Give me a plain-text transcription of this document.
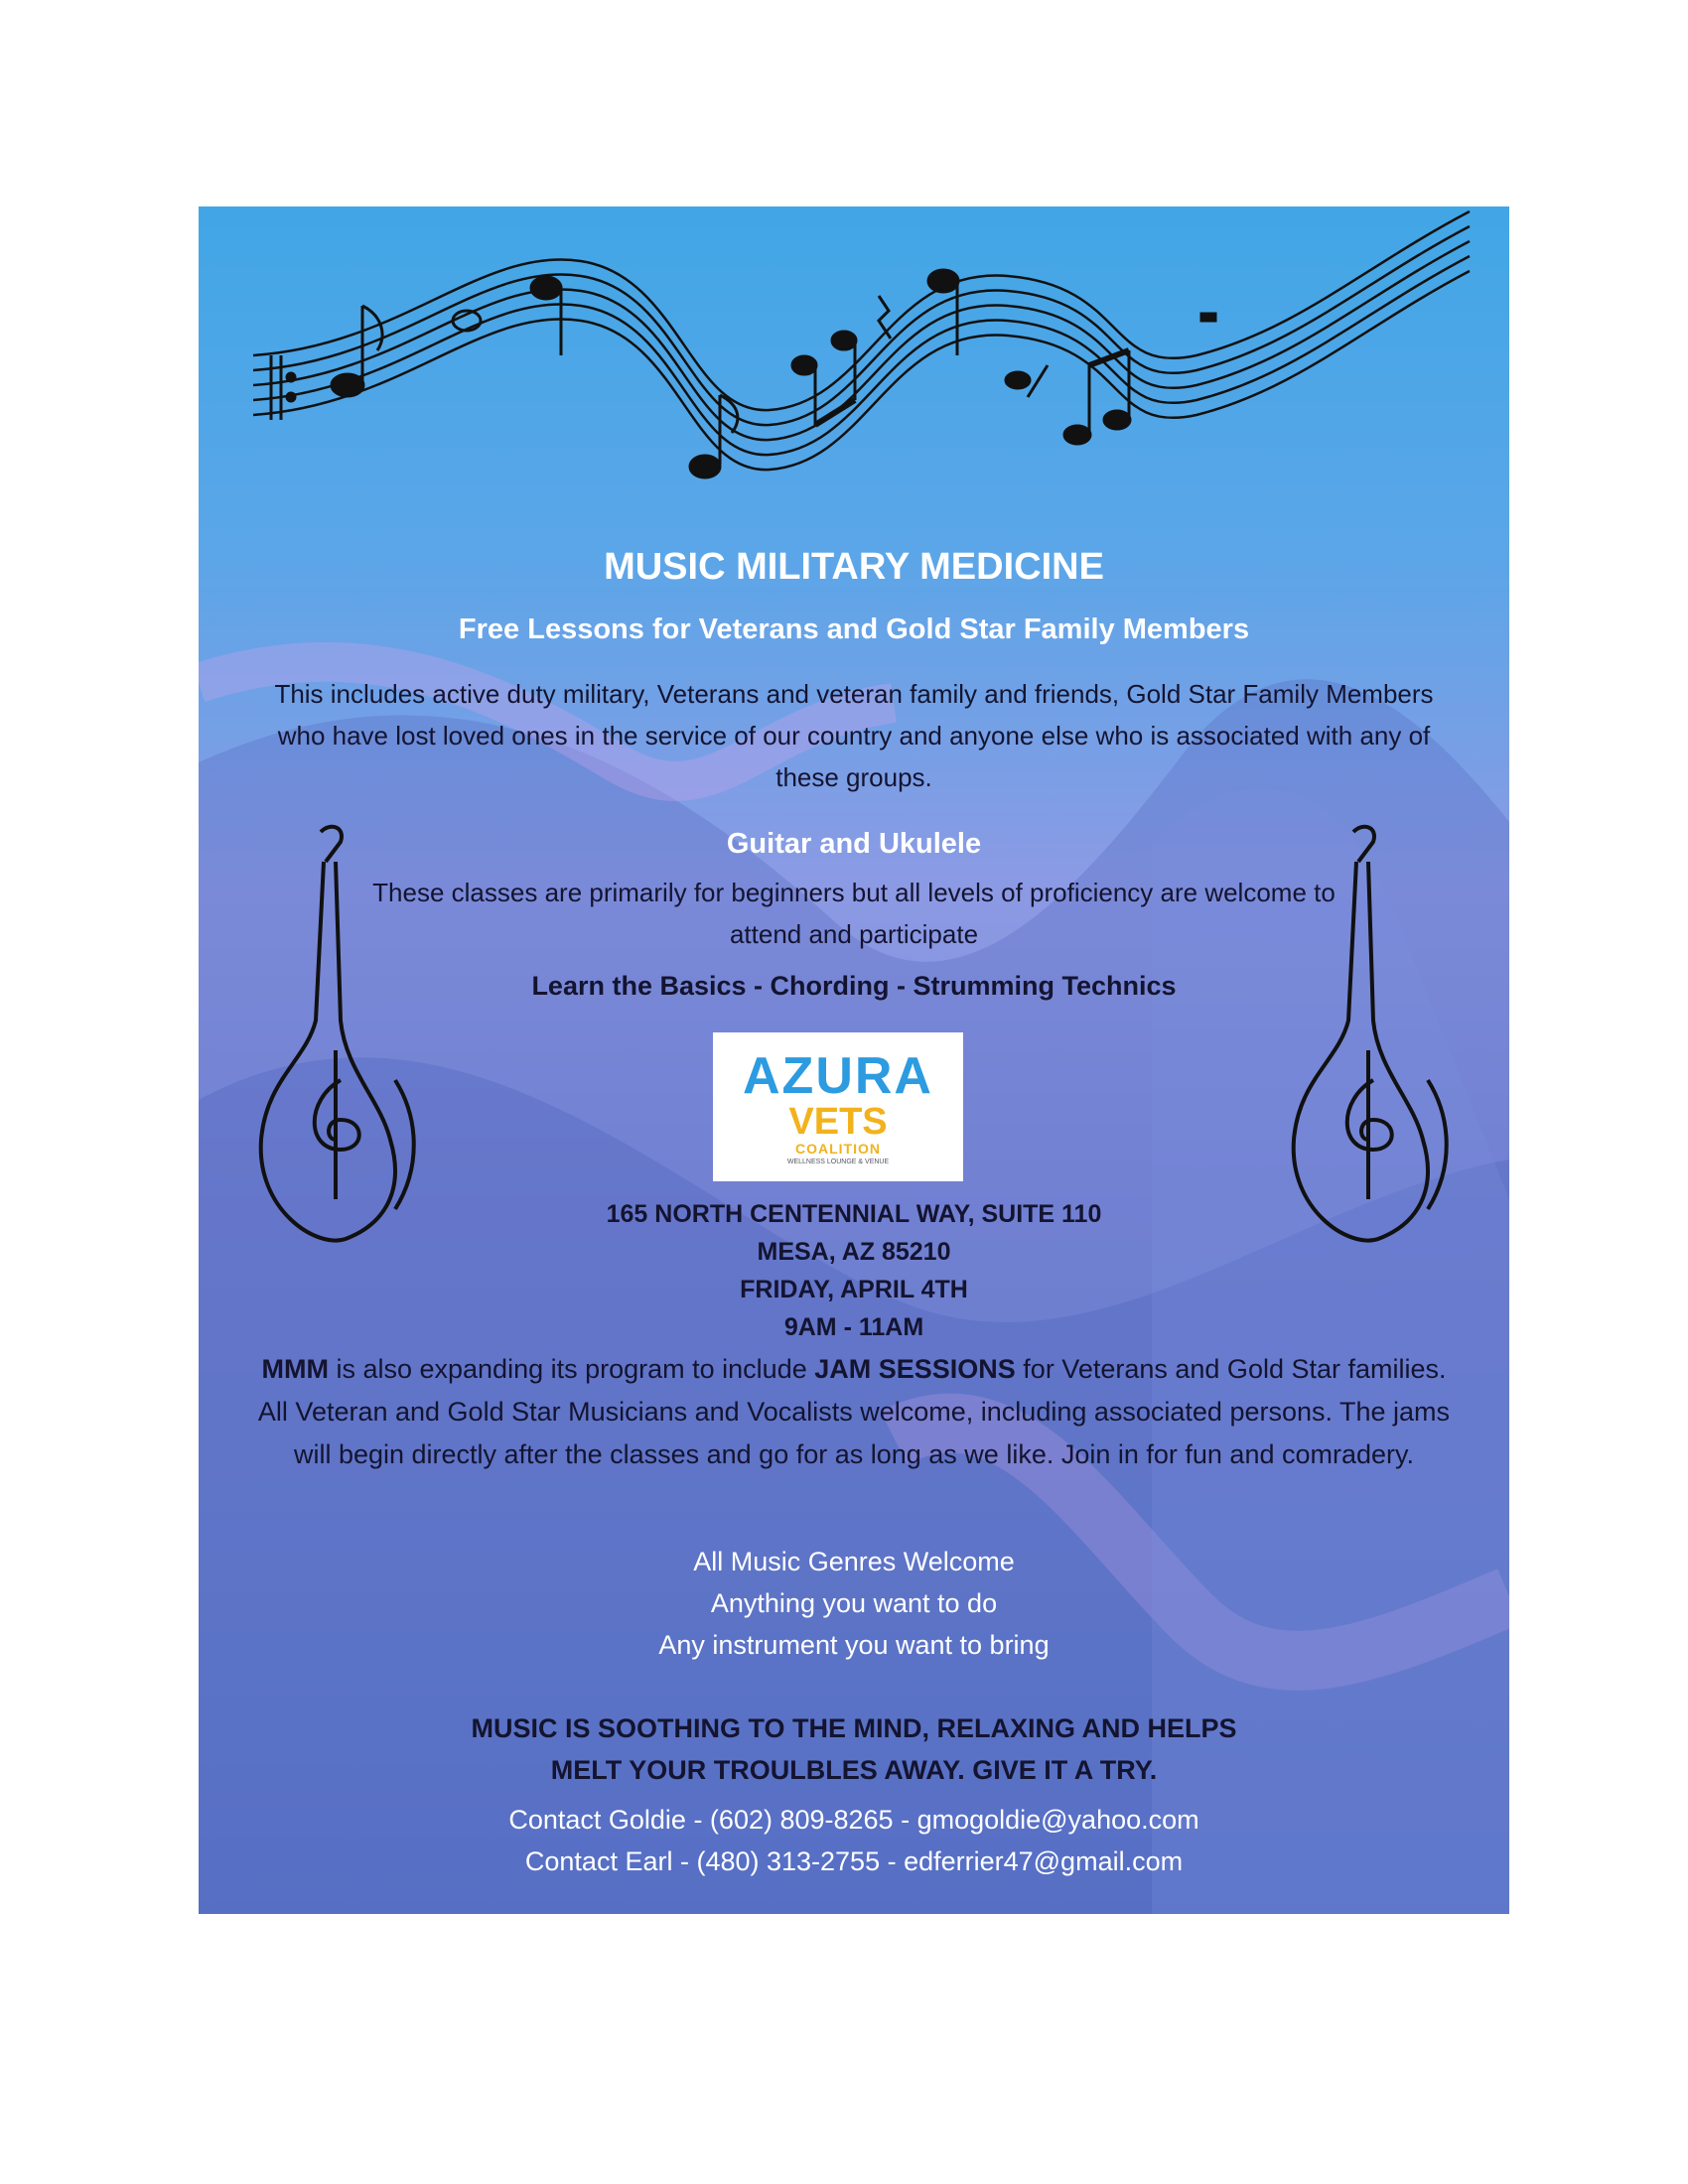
MUSIC MILITARY MEDICINE
Free Lessons for Veterans and Gold Star Family Members
This includes active duty military, Veterans and veteran family and friends, Gold Star Family Members who have lost loved ones in the service of our country and anyone else who is associated with any of these groups.
Guitar and Ukulele
These classes are primarily for beginners but all levels of proficiency are welcome to attend and participate
Learn the Basics - Chording - Strumming Technics
AZURA
VETS
COALITION
WELLNESS LOUNGE & VENUE
165 NORTH CENTENNIAL WAY, SUITE 110
MESA, AZ 85210
FRIDAY, APRIL 4TH
9AM - 11AM
MMM is also expanding its program to include JAM SESSIONS for Veterans and Gold Star families. All Veteran and Gold Star Musicians and Vocalists welcome, including associated persons. The jams will begin directly after the classes and go for as long as we like. Join in for fun and comradery.
All Music Genres Welcome
Anything you want to do
Any instrument you want to bring
MUSIC IS SOOTHING TO THE MIND, RELAXING AND HELPS
MELT YOUR TROULBLES AWAY. GIVE IT A TRY.
Contact Goldie - (602) 809-8265 - gmogoldie@yahoo.com
Contact Earl - (480) 313-2755 - edferrier47@gmail.com
